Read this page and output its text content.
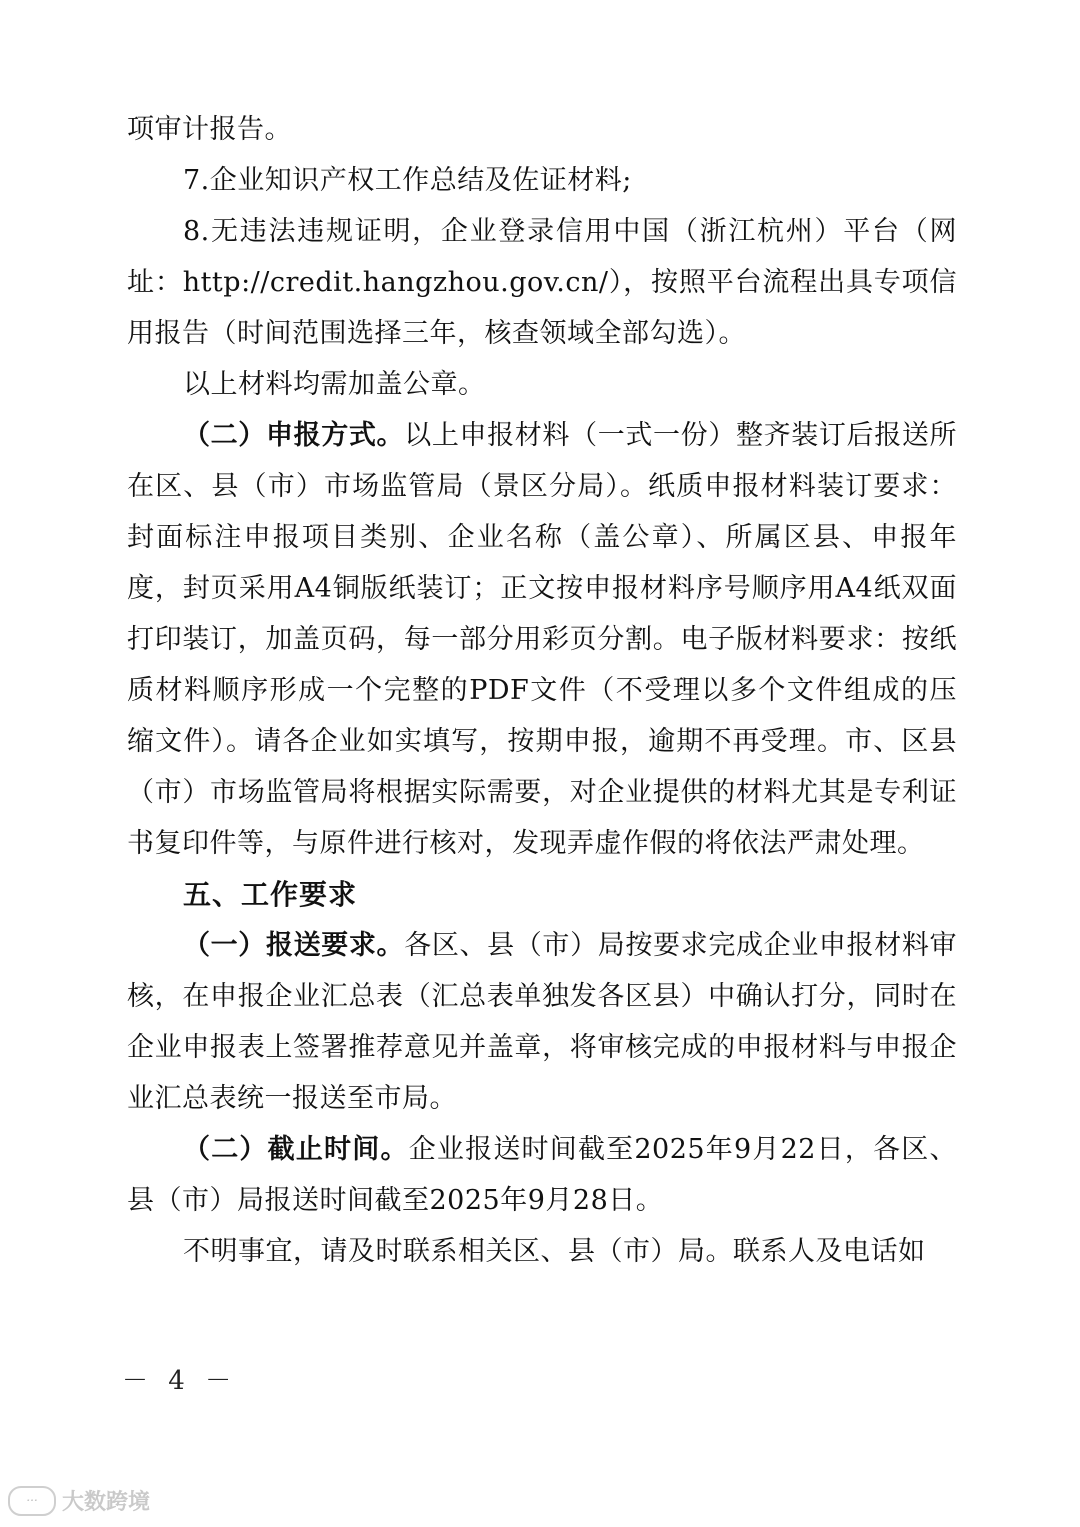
项审计报告。

7.企业知识产权工作总结及佐证材料;

8.无违法违规证明，企业登录信用中国（浙江杭州）平台（网址：http://credit.hangzhou.gov.cn/），按照平台流程出具专项信用报告（时间范围选择三年，核查领域全部勾选）。

以上材料均需加盖公章。

（二）申报方式。以上申报材料（一式一份）整齐装订后报送所在区、县（市）市场监管局（景区分局）。纸质申报材料装订要求：封面标注申报项目类别、企业名称（盖公章）、所属区县、申报年度，封页采用A4铜版纸装订；正文按申报材料序号顺序用A4纸双面打印装订，加盖页码，每一部分用彩页分割。电子版材料要求：按纸质材料顺序形成一个完整的PDF文件（不受理以多个文件组成的压缩文件）。请各企业如实填写，按期申报，逾期不再受理。市、区县（市）市场监管局将根据实际需要，对企业提供的材料尤其是专利证书复印件等，与原件进行核对，发现弄虚作假的将依法严肃处理。

五、工作要求

（一）报送要求。各区、县（市）局按要求完成企业申报材料审核，在申报企业汇总表（汇总表单独发各区县）中确认打分，同时在企业申报表上签署推荐意见并盖章，将审核完成的申报材料与申报企业汇总表统一报送至市局。

（二）截止时间。企业报送时间截至2025年9月22日，各区、县（市）局报送时间截至2025年9月28日。

不明事宜，请及时联系相关区、县（市）局。联系人及电话如

－ 4 －
ᐧᐧᐧ	大数跨境
